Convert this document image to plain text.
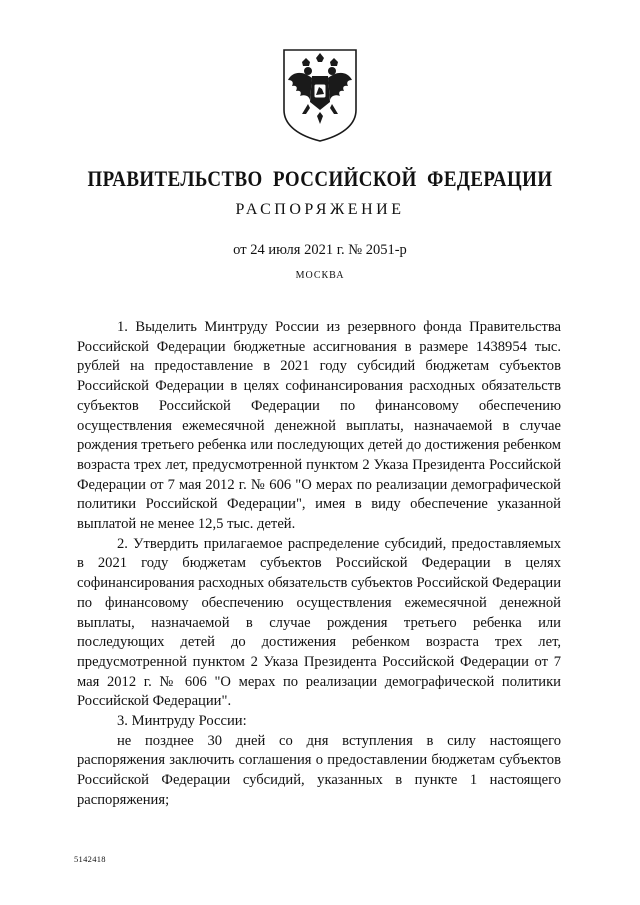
ПРАВИТЕЛЬСТВО РОССИЙСКОЙ ФЕДЕРАЦИИ
РАСПОРЯЖЕНИЕ
от 24 июля 2021 г. № 2051-р
МОСКВА

1. Выделить Минтруду России из резервного фонда Правительства Российской Федерации бюджетные ассигнования в размере 1438954 тыс. рублей на предоставление в 2021 году субсидий бюджетам субъектов Российской Федерации в целях софинансирования расходных обязательств субъектов Российской Федерации по финансовому обеспечению осуществления ежемесячной денежной выплаты, назначаемой в случае рождения третьего ребенка или последующих детей до достижения ребенком возраста трех лет, предусмотренной пунктом 2 Указа Президента Российской Федерации от 7 мая 2012 г. № 606 "О мерах по реализации демографической политики Российской Федерации", имея в виду обеспечение указанной выплатой не менее 12,5 тыс. детей.

2. Утвердить прилагаемое распределение субсидий, предоставляемых в 2021 году бюджетам субъектов Российской Федерации в целях софинансирования расходных обязательств субъектов Российской Федерации по финансовому обеспечению осуществления ежемесячной денежной выплаты, назначаемой в случае рождения третьего ребенка или последующих детей до достижения ребенком возраста трех лет, предусмотренной пунктом 2 Указа Президента Российской Федерации от 7 мая 2012 г. № 606 "О мерах по реализации демографической политики Российской Федерации".

3. Минтруду России:

не позднее 30 дней со дня вступления в силу настоящего распоряжения заключить соглашения о предоставлении бюджетам субъектов Российской Федерации субсидий, указанных в пункте 1 настоящего распоряжения;

5142418
